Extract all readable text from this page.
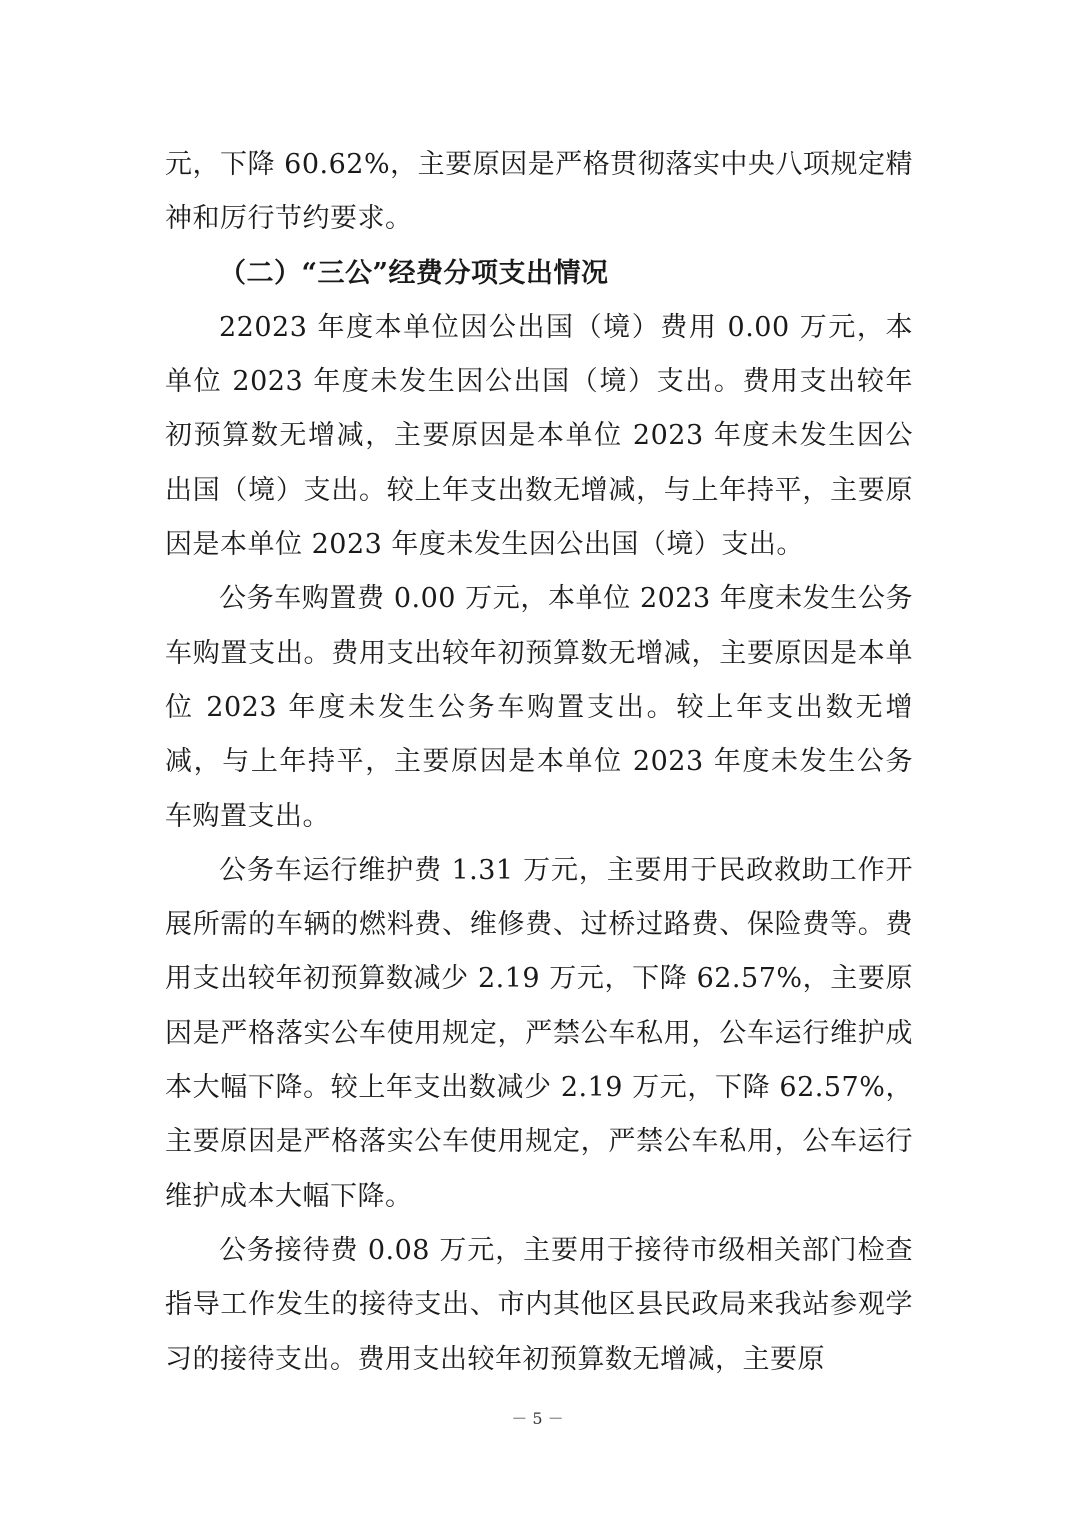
元，下降 60.62%，主要原因是严格贯彻落实中央八项规定精神和厉行节约要求。

（二）“三公”经费分项支出情况

22023 年度本单位因公出国（境）费用 0.00 万元，本单位 2023 年度未发生因公出国（境）支出。费用支出较年初预算数无增减，主要原因是本单位 2023 年度未发生因公出国（境）支出。较上年支出数无增减，与上年持平，主要原因是本单位 2023 年度未发生因公出国（境）支出。

公务车购置费 0.00 万元，本单位 2023 年度未发生公务车购置支出。费用支出较年初预算数无增减，主要原因是本单位 2023 年度未发生公务车购置支出。较上年支出数无增减，与上年持平，主要原因是本单位 2023 年度未发生公务车购置支出。

公务车运行维护费 1.31 万元，主要用于民政救助工作开展所需的车辆的燃料费、维修费、过桥过路费、保险费等。费用支出较年初预算数减少 2.19 万元，下降 62.57%，主要原因是严格落实公车使用规定，严禁公车私用，公车运行维护成本大幅下降。较上年支出数减少 2.19 万元，下降 62.57%，主要原因是严格落实公车使用规定，严禁公车私用，公车运行维护成本大幅下降。

公务接待费 0.08 万元，主要用于接待市级相关部门检查指导工作发生的接待支出、市内其他区县民政局来我站参观学习的接待支出。费用支出较年初预算数无增减，主要原

－ 5 －
